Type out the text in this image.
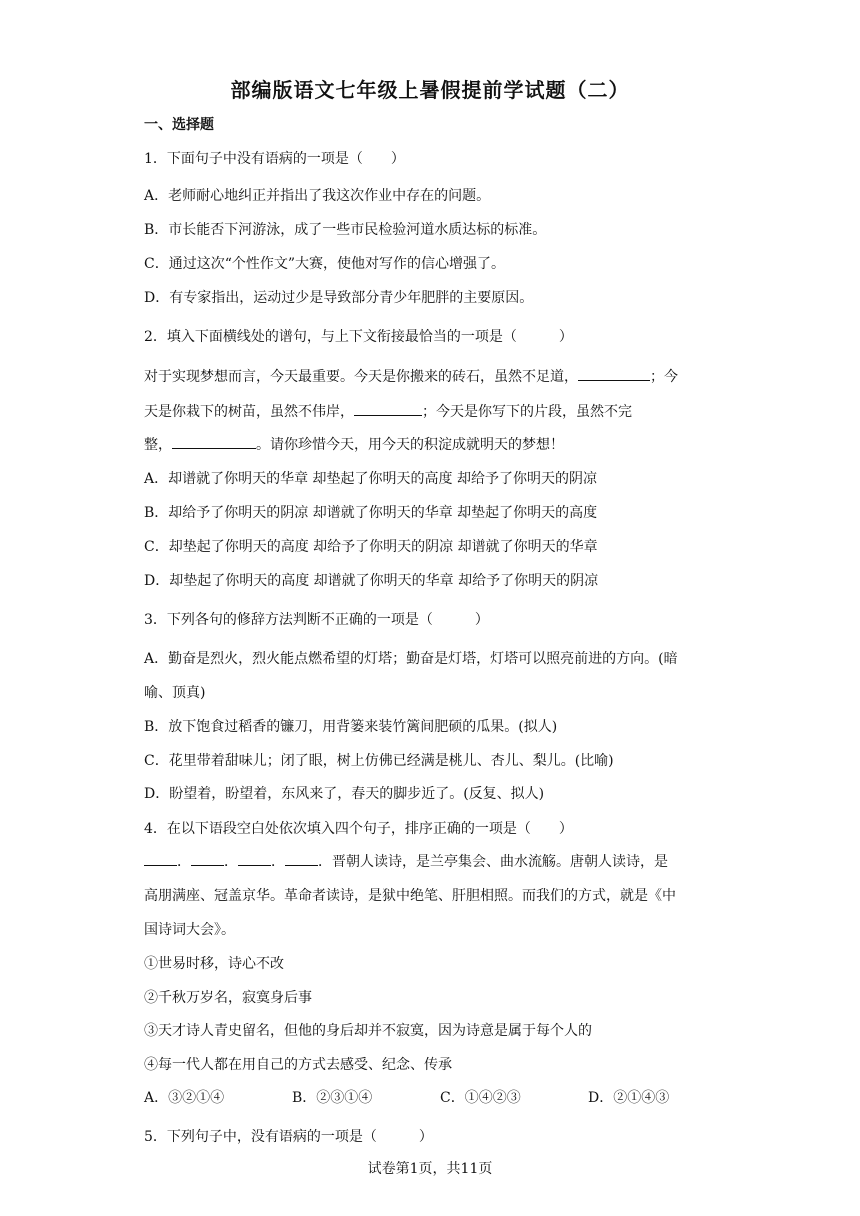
部编版语文七年级上暑假提前学试题（二）
一、选择题
1．下面句子中没有语病的一项是（　　）
A．老师耐心地纠正并指出了我这次作业中存在的问题。
B．市长能否下河游泳，成了一些市民检验河道水质达标的标准。
C．通过这次“个性作文”大赛，使他对写作的信心增强了。
D．有专家指出，运动过少是导致部分青少年肥胖的主要原因。
2．填入下面横线处的谱句，与上下文衔接最恰当的一项是（　　　）
对于实现梦想而言，今天最重要。今天是你搬来的砖石，虽然不足道，	；今
天是你栽下的树苗，虽然不伟岸，	；今天是你写下的片段，虽然不完
整，	。请你珍惜今天，用今天的积淀成就明天的梦想！
A．却谱就了你明天的华章 却垫起了你明天的高度 却给予了你明天的阴凉
B．却给予了你明天的阴凉 却谱就了你明天的华章 却垫起了你明天的高度
C．却垫起了你明天的高度 却给予了你明天的阴凉 却谱就了你明天的华章
D．却垫起了你明天的高度 却谱就了你明天的华章 却给予了你明天的阴凉
3．下列各句的修辞方法判断不正确的一项是（　　　）
A．勤奋是烈火，烈火能点燃希望的灯塔；勤奋是灯塔，灯塔可以照亮前进的方向。(暗
喻、顶真)
B．放下饱食过稻香的镰刀，用背篓来装竹篱间肥硕的瓜果。(拟人)
C．花里带着甜味儿；闭了眼，树上仿佛已经满是桃儿、杏儿、梨儿。(比喻)
D．盼望着，盼望着，东风来了，春天的脚步近了。(反复、拟人)
4．在以下语段空白处依次填入四个句子，排序正确的一项是（　　）
． ． ． ．晋朝人读诗，是兰亭集会、曲水流觞。唐朝人读诗，是
高朋满座、冠盖京华。革命者读诗，是狱中绝笔、肝胆相照。而我们的方式，就是《中
国诗词大会》。
①世易时移，诗心不改
②千秋万岁名，寂寞身后事
③天才诗人青史留名，但他的身后却并不寂寞，因为诗意是属于每个人的
④每一代人都在用自己的方式去感受、纪念、传承
A．③②①④	B．②③①④	C．①④②③	D．②①④③
5．下列句子中，没有语病的一项是（　　　）
试卷第1页，共11页
